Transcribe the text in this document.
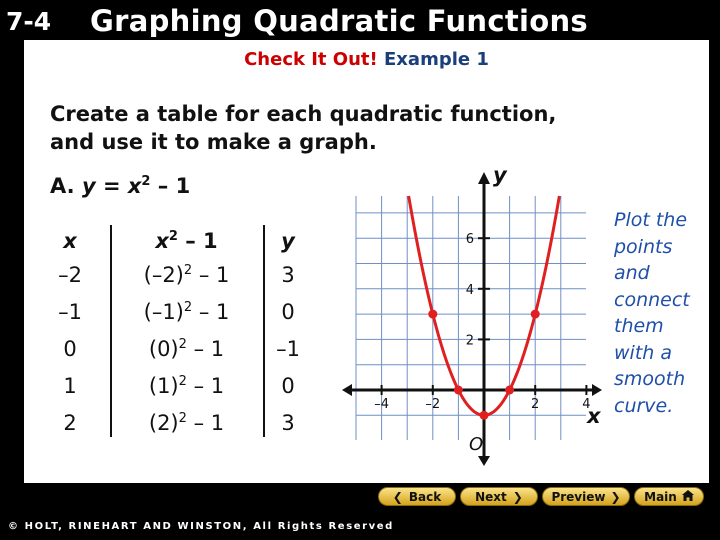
7-4 Graphing Quadratic Functions
Check It Out! Example 1
Create a table for each quadratic function,
and use it to make a graph.
A. $y = x^2 - 1$
x	$x^2 - 1$	y
–2	$(-2)^2 - 1$	3
–1	$(-1)^2 - 1$	0
0	$(0)^2 - 1$	–1
1	$(1)^2 - 1$	0
2	$(2)^2 - 1$	3
–4	–2	2	4
2
4
6
y
x
O
Plot the
points
and
connect
them
with a
smooth
curve.
❮ Back	Next ❯ Preview ❯ Main
© HOLT, RINEHART AND WINSTON, All Rights Reserved
